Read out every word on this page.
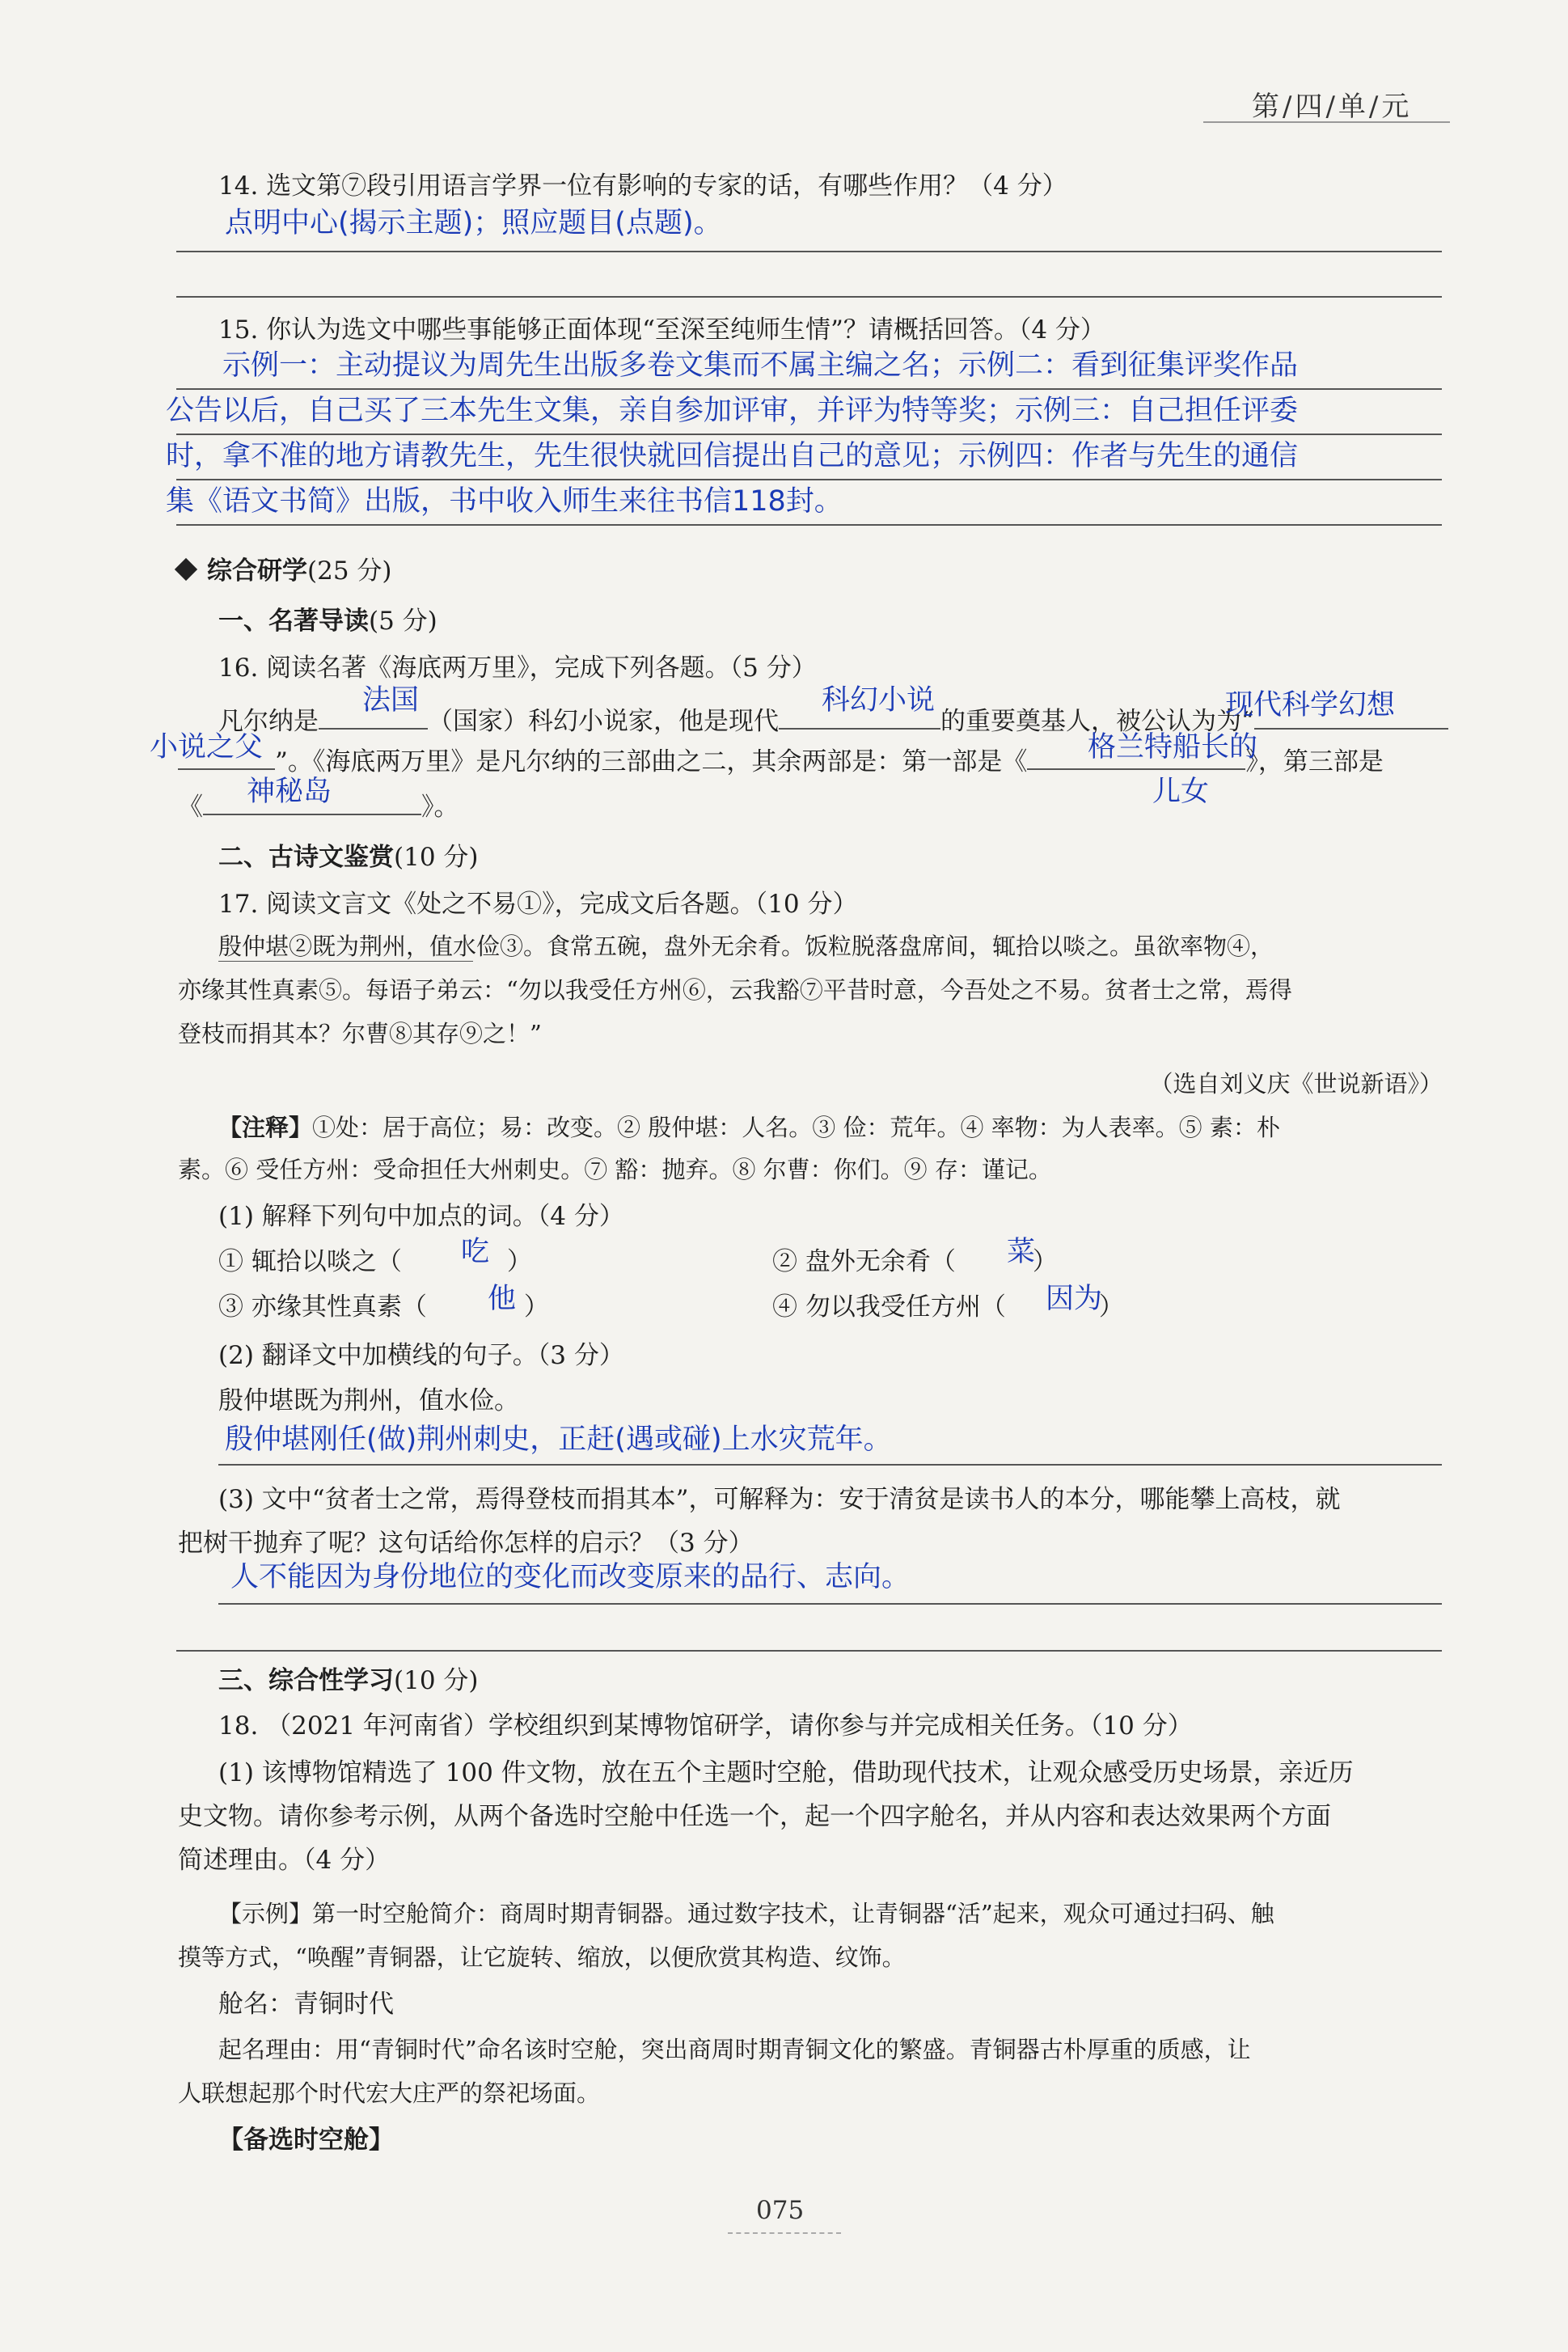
第/四/单/元
14. 选文第⑦段引用语言学界一位有影响的专家的话，有哪些作用？（4 分）
点明中心(揭示主题)；照应题目(点题)。
15. 你认为选文中哪些事能够正面体现“至深至纯师生情”？请概括回答。（4 分）
示例一：主动提议为周先生出版多卷文集而不属主编之名；示例二：看到征集评奖作品
公告以后，自己买了三本先生文集，亲自参加评审，并评为特等奖；示例三：自己担任评委
时，拿不准的地方请教先生，先生很快就回信提出自己的意见；示例四：作者与先生的通信
集《语文书简》出版，书中收入师生来往书信118封。
综合研学(25 分)
一、名著导读(5 分)
16. 阅读名著《海底两万里》，完成下列各题。（5 分）
凡尔纳是	（国家）科幻小说家，他是现代	的重要奠基人，被公认为为“
法国	科幻小说	现代科学幻想
”。《海底两万里》是凡尔纳的三部曲之二，其余两部是：第一部是《	》，第三部是
小说之父	格兰特船长的
儿女
《	》。
神秘岛
二、古诗文鉴赏(10 分)
17. 阅读文言文《处之不易①》，完成文后各题。（10 分）
殷仲堪②既为荆州，值水俭③。食常五碗，盘外无余肴。饭粒脱落盘席间，辄拾以啖之。虽欲率物④，
亦缘其性真素⑤。每语子弟云：“勿以我受任方州⑥，云我豁⑦平昔时意，今吾处之不易。贫者士之常，焉得
登枝而捐其本？尔曹⑧其存⑨之！”
（选自刘义庆《世说新语》）
【注释】①处：居于高位；易：改变。② 殷仲堪：人名。③ 俭：荒年。④ 率物：为人表率。⑤ 素：朴
素。⑥ 受任方州：受命担任大州刺史。⑦ 豁：抛弃。⑧ 尔曹：你们。⑨ 存：谨记。
(1) 解释下列句中加点的词。（4 分）
① 辄拾以啖之（	）
吃	② 盘外无余肴（	）
菜
③ 亦缘其性真素（	）
他	④ 勿以我受任方州（	）
因为
(2) 翻译文中加横线的句子。（3 分）
殷仲堪既为荆州，值水俭。
殷仲堪刚任(做)荆州刺史，正赶(遇或碰)上水灾荒年。
(3) 文中“贫者士之常，焉得登枝而捐其本”，可解释为：安于清贫是读书人的本分，哪能攀上高枝，就
把树干抛弃了呢？这句话给你怎样的启示？（3 分）
人不能因为身份地位的变化而改变原来的品行、志向。
三、综合性学习(10 分)
18. （2021 年河南省）学校组织到某博物馆研学，请你参与并完成相关任务。（10 分）
(1) 该博物馆精选了 100 件文物，放在五个主题时空舱，借助现代技术，让观众感受历史场景，亲近历
史文物。请你参考示例，从两个备选时空舱中任选一个，起一个四字舱名，并从内容和表达效果两个方面
简述理由。（4 分）
【示例】第一时空舱简介：商周时期青铜器。通过数字技术，让青铜器“活”起来，观众可通过扫码、触
摸等方式，“唤醒”青铜器，让它旋转、缩放，以便欣赏其构造、纹饰。
舱名：青铜时代
起名理由：用“青铜时代”命名该时空舱，突出商周时期青铜文化的繁盛。青铜器古朴厚重的质感，让
人联想起那个时代宏大庄严的祭祀场面。
【备选时空舱】
075
